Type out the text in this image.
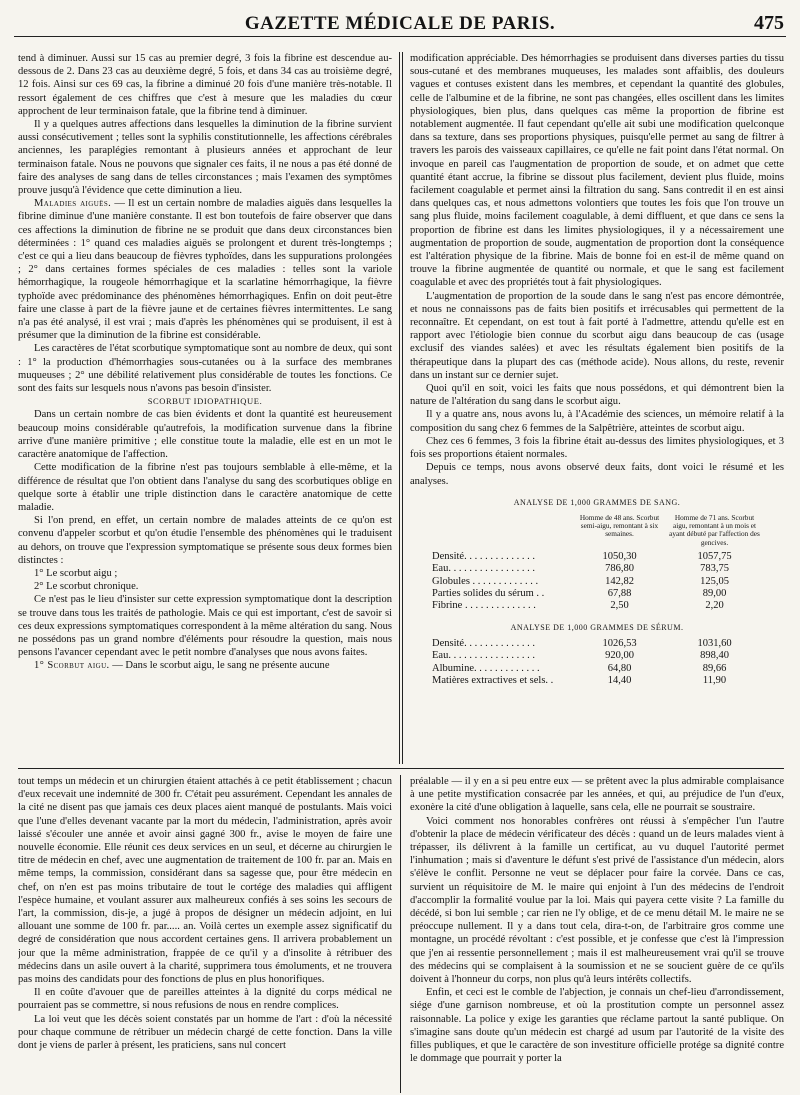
GAZETTE MÉDICALE DE PARIS.	475

tend à diminuer. Aussi sur 15 cas au premier degré, 3 fois la fibrine est descendue au-dessous de 2. Dans 23 cas au deuxième degré, 5 fois, et dans 34 cas au troisième degré, 12 fois. Ainsi sur ces 69 cas, la fibrine a diminué 20 fois d'une manière très-notable. Il ressort également de ces chiffres que c'est à mesure que les maladies du cœur approchent de leur terminaison fatale, que la fibrine tend à diminuer.

Il y a quelques autres affections dans lesquelles la diminution de la fibrine survient aussi consécutivement ; telles sont la syphilis constitutionnelle, les affections cérébrales anciennes, les paraplégies remontant à plusieurs années et approchant de leur terminaison fatale. Nous ne pouvons que signaler ces faits, il ne nous a pas été donné de faire des analyses de sang dans de telles circonstances ; mais l'examen des symptômes prouve jusqu'à l'évidence que cette diminution a lieu.

Maladies aiguës. — Il est un certain nombre de maladies aiguës dans lesquelles la fibrine diminue d'une manière constante. Il est bon toutefois de faire observer que dans ces affections la diminution de fibrine ne se produit que dans deux circonstances bien déterminées : 1° quand ces maladies aiguës se prolongent et durent très-longtemps ; c'est ce qui a lieu dans beaucoup de fièvres typhoïdes, dans les suppurations prolongées ; 2° dans certaines formes spéciales de ces maladies : telles sont la variole hémorrhagique, la rougeole hémorrhagique et la scarlatine hémorrhagique, la fièvre typhoïde avec prédominance des phénomènes hémorrhagiques. Enfin on doit peut-être faire une classe à part de la fièvre jaune et de certaines fièvres intermittentes. Le sang n'a pas été analysé, il est vrai ; mais d'après les phénomènes qui se produisent, il est à présumer que la diminution de la fibrine est considérable.

Les caractères de l'état scorbutique symptomatique sont au nombre de deux, qui sont : 1° la production d'hémorrhagies sous-cutanées ou à la surface des membranes muqueuses ; 2° une débilité relativement plus considérable de toutes les fonctions. Ce sont des faits sur lesquels nous n'avons pas besoin d'insister.

SCORBUT IDIOPATHIQUE.

Dans un certain nombre de cas bien évidents et dont la quantité est heureusement beaucoup moins considérable qu'autrefois, la modification survenue dans la fibrine arrive d'une manière primitive ; elle constitue toute la maladie, elle est en un mot le caractère anatomique de l'affection.

Cette modification de la fibrine n'est pas toujours semblable à elle-même, et la différence de résultat que l'on obtient dans l'analyse du sang des scorbutiques oblige en quelque sorte à établir une triple distinction dans le caractère anatomique de cette maladie.

Si l'on prend, en effet, un certain nombre de malades atteints de ce qu'on est convenu d'appeler scorbut et qu'on étudie l'ensemble des phénomènes qui le traduisent au dehors, on trouve que l'expression symptomatique se présente sous deux formes bien distinctes :

1° Le scorbut aigu ;

2° Le scorbut chronique.

Ce n'est pas le lieu d'insister sur cette expression symptomatique dont la description se trouve dans tous les traités de pathologie. Mais ce qui est important, c'est de savoir si ces deux expressions symptomatiques correspondent à la même altération du sang. Nous ne possédons pas un grand nombre d'éléments pour résoudre la question, mais nous pensons l'avancer cependant avec le petit nombre d'analyses que nous avons faites.

1° Scorbut aigu. — Dans le scorbut aigu, le sang ne présente aucune

modification appréciable. Des hémorrhagies se produisent dans diverses parties du tissu sous-cutané et des membranes muqueuses, les malades sont affaiblis, des douleurs vagues et contuses existent dans les membres, et cependant la quantité des globules, celle de l'albumine et de la fibrine, ne sont pas changées, elles oscillent dans les limites physiologiques, bien plus, dans quelques cas même la proportion de fibrine est notablement augmentée. Il faut cependant qu'elle ait subi une modification quelconque dans sa texture, dans ses proportions physiques, puisqu'elle permet au sang de filtrer à travers les parois des vaisseaux capillaires, ce qu'elle ne fait point dans l'état normal. On invoque en pareil cas l'augmentation de proportion de soude, et on admet que cette quantité étant accrue, la fibrine se dissout plus facilement, devient plus fluide, moins facilement coagulable et permet ainsi la filtration du sang. Sans contredit il en est ainsi dans quelques cas, et nous admettons volontiers que toutes les fois que l'on trouve un sang plus fluide, moins facilement coagulable, à demi diffluent, et que dans ce sens la proportion de fibrine est dans les limites physiologiques, il y a nécessairement une augmentation de proportion de soude, augmentation de proportion dont la conséquence est l'altération physique de la fibrine. Mais de bonne foi en est-il de même quand on trouve la fibrine augmentée de quantité ou normale, et que le sang est facilement coagulable et avec des propriétés tout à fait physiologiques.

L'augmentation de proportion de la soude dans le sang n'est pas encore démontrée, et nous ne connaissons pas de faits bien positifs et irrécusables qui permettent de la reconnaître. Et cependant, on est tout à fait porté à l'admettre, attendu qu'elle est en rapport avec l'étiologie bien connue du scorbut aigu dans beaucoup de cas (usage exclusif des viandes salées) et avec les résultats également bien positifs de la thérapeutique dans la plupart des cas (méthode acide). Nous allons, du reste, revenir dans un instant sur ce dernier sujet.

Quoi qu'il en soit, voici les faits que nous possédons, et qui démontrent bien la nature de l'altération du sang dans le scorbut aigu.

Il y a quatre ans, nous avons lu, à l'Académie des sciences, un mémoire relatif à la composition du sang chez 6 femmes de la Salpêtrière, atteintes de scorbut aigu.

Chez ces 6 femmes, 3 fois la fibrine était au-dessus des limites physiologiques, et 3 fois ses proportions étaient normales.

Depuis ce temps, nous avons observé deux faits, dont voici le résumé et les analyses.

ANALYSE DE 1,000 GRAMMES DE SANG.
	Homme de 48 ans. Scorbut semi-aigu, remontant à six semaines.	Homme de 71 ans. Scorbut aigu, remontant à un mois et ayant débuté par l'affection des gencives.
Densité. . . . . . . . . . . . . .	1050,30	1057,75
Eau. . . . . . . . . . . . . . . . .	786,80	783,75
Globules . . . . . . . . . . . . .	142,82	125,05
Parties solides du sérum . .	67,88	89,00
Fibrine . . . . . . . . . . . . . .	2,50	2,20
ANALYSE DE 1,000 GRAMMES DE SÉRUM.
Densité. . . . . . . . . . . . . .	1026,53	1031,60
Eau. . . . . . . . . . . . . . . . .	920,00	898,40
Albumine. . . . . . . . . . . . .	64,80	89,66
Matières extractives et sels. .	14,40	11,90

tout temps un médecin et un chirurgien étaient attachés à ce petit établissement ; chacun d'eux recevait une indemnité de 300 fr. C'était peu assurément. Cependant les annales de la cité ne disent pas que jamais ces deux places aient manqué de postulants. Mais voici que l'une d'elles devenant vacante par la mort du médecin, l'administration, après avoir laissé s'écouler une année et avoir ainsi gagné 300 fr., avise le moyen de faire une nouvelle économie. Elle réunit ces deux services en un seul, et décerne au chirurgien le titre de médecin en chef, avec une augmentation de traitement de 100 fr. par an. Mais en même temps, la commission, considérant dans sa sagesse que, pour être médecin en chef, on n'en est pas moins tributaire de tout le cortége des maladies qui affligent l'espèce humaine, et voulant assurer aux malheureux confiés à ses soins les secours de l'art, la commission, dis-je, a jugé à propos de désigner un médecin adjoint, en lui allouant une somme de 100 fr. par..... an. Voilà certes un exemple assez significatif du degré de considération que nous accordent certaines gens. Il arrivera probablement un jour que la même administration, frappée de ce qu'il y a d'insolite à rétribuer des médecins dans un asile ouvert à la charité, supprimera tous émoluments, et ne trouvera pas moins des candidats pour des fonctions de plus en plus honorifiques.

Il en coûte d'avouer que de pareilles atteintes à la dignité du corps médical ne pourraient pas se commettre, si nous refusions de nous en rendre complices.

La loi veut que les décès soient constatés par un homme de l'art : d'où la nécessité pour chaque commune de rétribuer un médecin chargé de cette fonction. Dans la ville dont je viens de parler à présent, les praticiens, sans nul concert

préalable — il y en a si peu entre eux — se prêtent avec la plus admirable complaisance à une petite mystification consacrée par les années, et qui, au préjudice de l'un d'eux, exonère la cité d'une obligation à laquelle, sans cela, elle ne pourrait se soustraire.

Voici comment nos honorables confrères ont réussi à s'empêcher l'un l'autre d'obtenir la place de médecin vérificateur des décès : quand un de leurs malades vient à trépasser, ils délivrent à la famille un certificat, au vu duquel l'autorité permet l'inhumation ; mais si d'aventure le défunt s'est privé de l'assistance d'un médecin, alors s'élève le conflit. Personne ne veut se déplacer pour faire la corvée. Dans ce cas, survient un réquisitoire de M. le maire qui enjoint à l'un des médecins de l'endroit d'accomplir la formalité voulue par la loi. Mais qui payera cette visite ? La famille du décédé, si bon lui semble ; car rien ne l'y oblige, et de ce menu détail M. le maire ne se préoccupe nullement. Il y a dans tout cela, dira-t-on, de l'arbitraire gros comme une montagne, un procédé révoltant : c'est possible, et je confesse que c'est là l'impression que j'en ai ressentie personnellement ; mais il est malheureusement vrai qu'il se trouve des médecins qui se complaisent à la soumission et ne se soucient guère de ce qu'ils doivent à l'honneur du corps, non plus qu'à leurs intérêts collectifs.

Enfin, et ceci est le comble de l'abjection, je connais un chef-lieu d'arrondissement, siége d'une garnison nombreuse, et où la prostitution compte un personnel assez raisonnable. La police y exige les garanties que réclame partout la santé publique. On s'imagine sans doute qu'un médecin est chargé ad usum par l'autorité de la visite des filles publiques, et que le caractère de son investiture officielle protége sa dignité contre le dommage que pourrait y porter la
